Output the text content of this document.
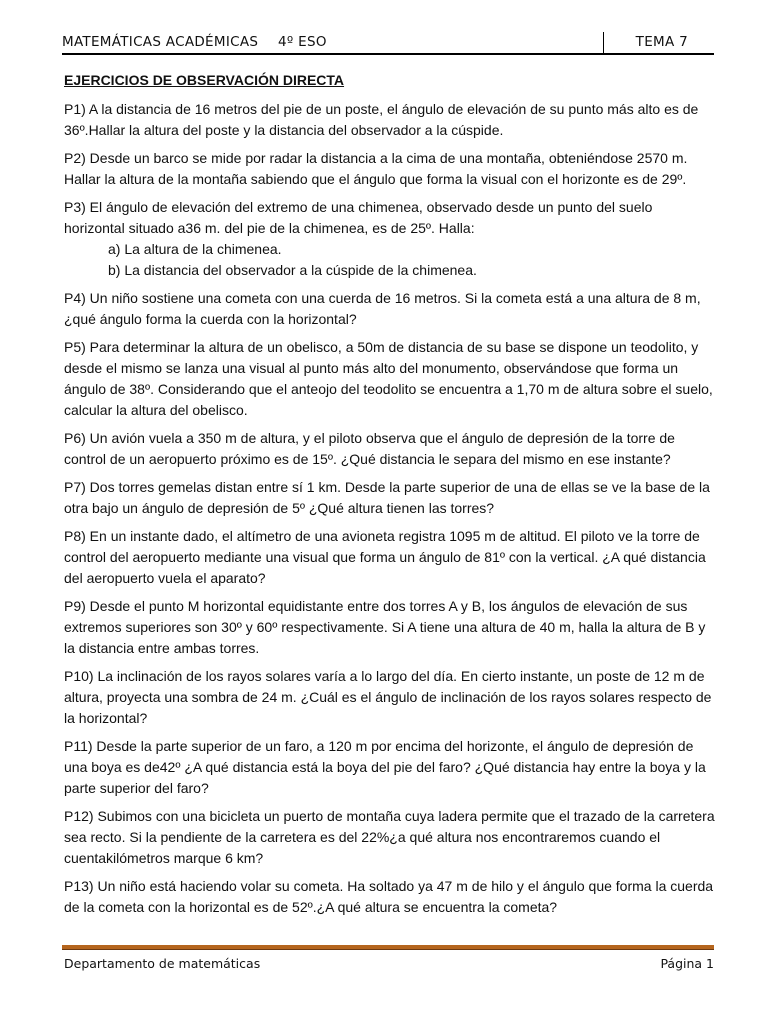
MATEMÁTICAS ACADÉMICAS 4º ESO	TEMA 7
EJERCICIOS DE OBSERVACIÓN DIRECTA

P1) A la distancia de 16 metros del pie de un poste, el ángulo de elevación de su punto más alto es de 36º.Hallar la altura del poste y la distancia del observador a la cúspide.

P2) Desde un barco se mide por radar la distancia a la cima de una montaña, obteniéndose 2570 m. Hallar la altura de la montaña sabiendo que el ángulo que forma la visual con el horizonte es de 29º.

P3) El ángulo de elevación del extremo de una chimenea, observado desde un punto del suelo horizontal situado a36 m. del pie de la chimenea, es de 25º. Halla:
a) La altura de la chimenea.
b) La distancia del observador a la cúspide de la chimenea.

P4) Un niño sostiene una cometa con una cuerda de 16 metros. Si la cometa está a una altura de 8 m, ¿qué ángulo forma la cuerda con la horizontal?

P5) Para determinar la altura de un obelisco, a 50m de distancia de su base se dispone un teodolito, y desde el mismo se lanza una visual al punto más alto del monumento, observándose que forma un ángulo de 38º. Considerando que el anteojo del teodolito se encuentra a 1,70 m de altura sobre el suelo, calcular la altura del obelisco.

P6) Un avión vuela a 350 m de altura, y el piloto observa que el ángulo de depresión de la torre de control de un aeropuerto próximo es de 15º. ¿Qué distancia le separa del mismo en ese instante?

P7) Dos torres gemelas distan entre sí 1 km. Desde la parte superior de una de ellas se ve la base de la otra bajo un ángulo de depresión de 5º ¿Qué altura tienen las torres?

P8) En un instante dado, el altímetro de una avioneta registra 1095 m de altitud. El piloto ve la torre de control del aeropuerto mediante una visual que forma un ángulo de 81º con la vertical. ¿A qué distancia del aeropuerto vuela el aparato?

P9) Desde el punto M horizontal equidistante entre dos torres A y B, los ángulos de elevación de sus extremos superiores son 30º y 60º respectivamente. Si A tiene una altura de 40 m, halla la altura de B y la distancia entre ambas torres.

P10) La inclinación de los rayos solares varía a lo largo del día. En cierto instante, un poste de 12 m de altura, proyecta una sombra de 24 m. ¿Cuál es el ángulo de inclinación de los rayos solares respecto de la horizontal?

P11) Desde la parte superior de un faro, a 120 m por encima del horizonte, el ángulo de depresión de una boya es de42º ¿A qué distancia está la boya del pie del faro? ¿Qué distancia hay entre la boya y la parte superior del faro?

P12) Subimos con una bicicleta un puerto de montaña cuya ladera permite que el trazado de la carretera sea recto. Si la pendiente de la carretera es del 22%¿a qué altura nos encontraremos cuando el cuentakilómetros marque 6 km?

P13) Un niño está haciendo volar su cometa. Ha soltado ya 47 m de hilo y el ángulo que forma la cuerda de la cometa con la horizontal es de 52º.¿A qué altura se encuentra la cometa?

Departamento de matemáticas	Página 1
